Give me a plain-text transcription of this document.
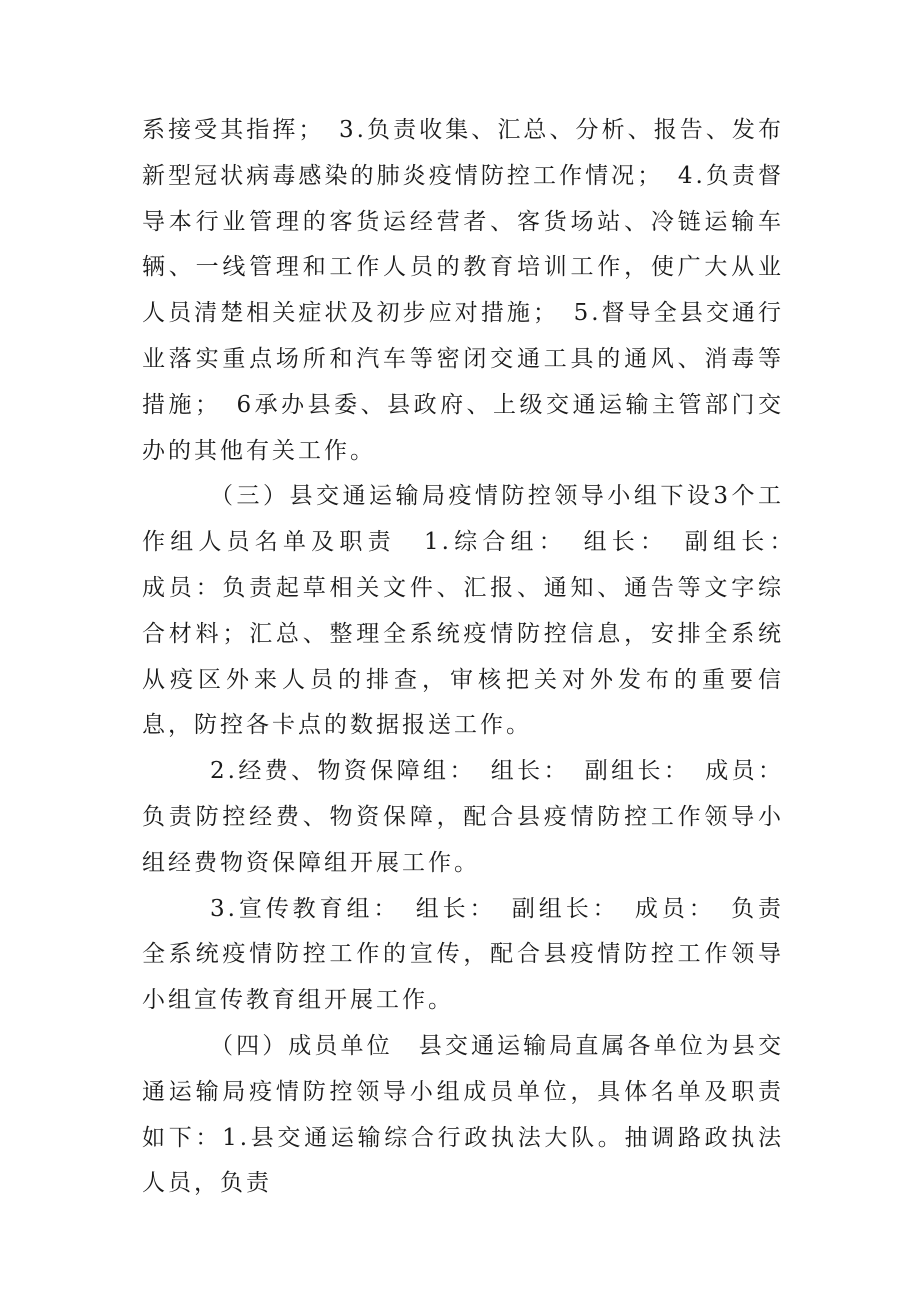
系接受其指挥；　3.负责收集、汇总、分析、报告、发布新型冠状病毒感染的肺炎疫情防控工作情况；　4.负责督导本行业管理的客货运经营者、客货场站、冷链运输车辆、一线管理和工作人员的教育培训工作，使广大从业人员清楚相关症状及初步应对措施；　5.督导全县交通行业落实重点场所和汽车等密闭交通工具的通风、消毒等措施；　6承办县委、县政府、上级交通运输主管部门交办的其他有关工作。

（三）县交通运输局疫情防控领导小组下设3个工作组人员名单及职责　1.综合组：　组长：　副组长：　成员：负责起草相关文件、汇报、通知、通告等文字综合材料；汇总、整理全系统疫情防控信息，安排全系统从疫区外来人员的排查，审核把关对外发布的重要信息，防控各卡点的数据报送工作。

2.经费、物资保障组：　组长：　副组长：　成员：负责防控经费、物资保障，配合县疫情防控工作领导小组经费物资保障组开展工作。

3.宣传教育组：　组长：　副组长：　成员：　负责全系统疫情防控工作的宣传，配合县疫情防控工作领导小组宣传教育组开展工作。

（四）成员单位　县交通运输局直属各单位为县交通运输局疫情防控领导小组成员单位，具体名单及职责如下：1.县交通运输综合行政执法大队。抽调路政执法人员，负责
